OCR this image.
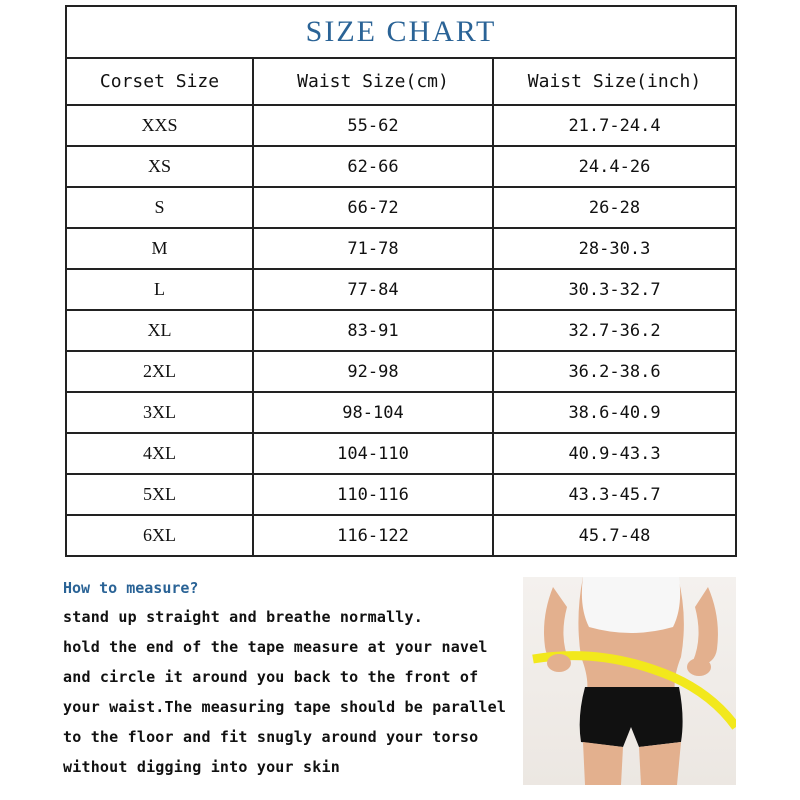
SIZE CHART		
Corset Size	Waist Size(cm)	Waist Size(inch)
XXS	55-62	21.7-24.4
XS	62-66	24.4-26
S	66-72	26-28
M	71-78	28-30.3
L	77-84	30.3-32.7
XL	83-91	32.7-36.2
2XL	92-98	36.2-38.6
3XL	98-104	38.6-40.9
4XL	104-110	40.9-43.3
5XL	110-116	43.3-45.7
6XL	116-122	45.7-48
How to measure?
stand up straight and breathe normally.
hold the end of the tape measure at your navel
and circle it around you back to the front of
your waist.The measuring tape should be parallel
to the floor and fit snugly around your torso
without digging into your skin
